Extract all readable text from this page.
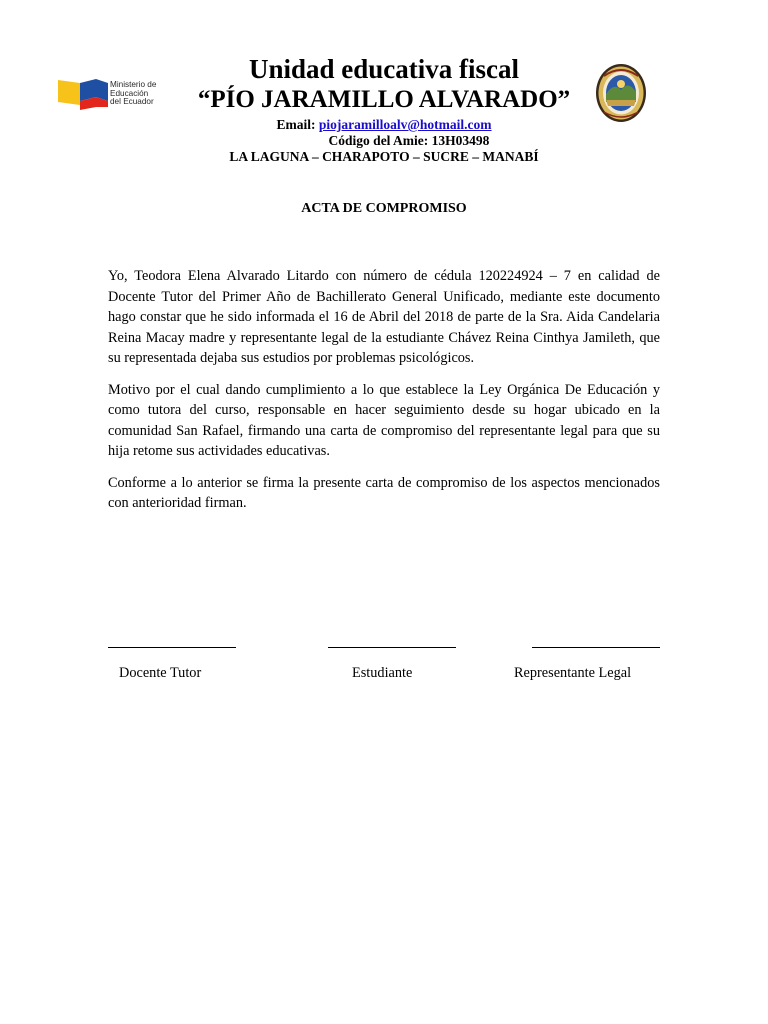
Ministerio de
Educación
del Ecuador
Unidad educativa fiscal
“PÍO JARAMILLO ALVARADO”
Email: piojaramilloalv@hotmail.com
Código del Amie: 13H03498
LA LAGUNA – CHARAPOTO – SUCRE – MANABÍ
ACTA DE COMPROMISO

Yo, Teodora Elena Alvarado Litardo con número de cédula 120224924 – 7 en calidad de Docente Tutor del Primer Año de Bachillerato General Unificado, mediante este documento hago constar que he sido informada el 16 de Abril del 2018 de parte de la Sra. Aida Candelaria Reina Macay madre y representante legal de la estudiante Chávez Reina Cinthya Jamileth, que su representada dejaba sus estudios por problemas psicológicos.

Motivo por el cual dando cumplimiento a lo que establece la Ley Orgánica De Educación y como tutora del curso, responsable en hacer seguimiento desde su hogar ubicado en la comunidad San Rafael, firmando una carta de compromiso del representante legal para que su hija retome sus actividades educativas.

Conforme a lo anterior se firma la presente carta de compromiso de los aspectos mencionados con anterioridad firman.

Docente Tutor	Estudiante	Representante Legal
